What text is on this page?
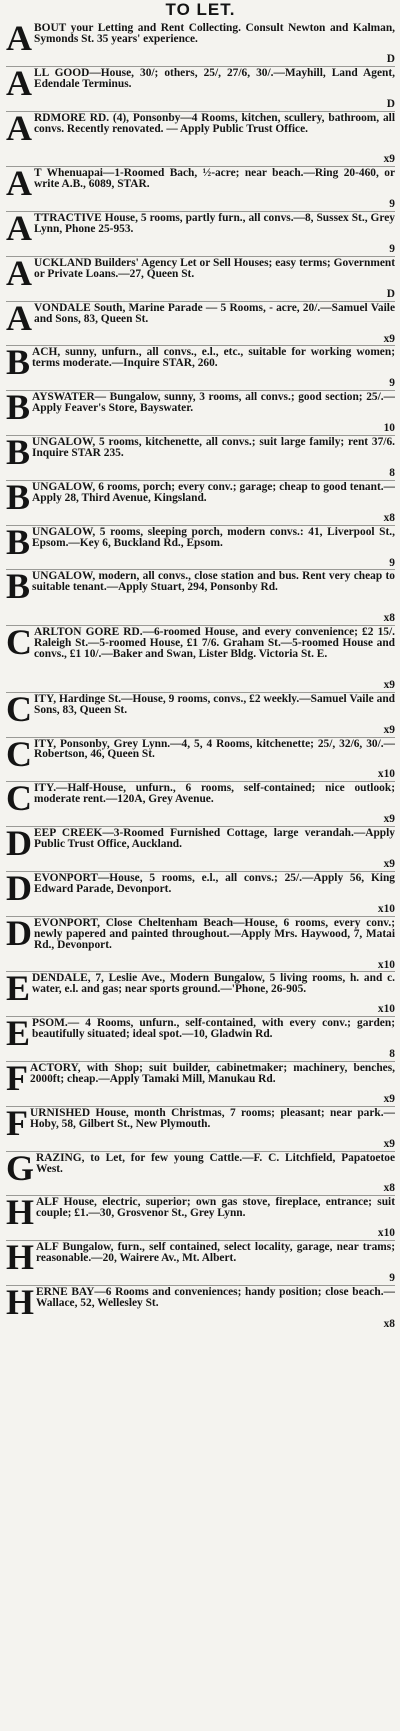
TO LET.
ABOUT your Letting and Rent Collecting. Consult Newton and Kalman, Symonds St. 35 years' experience.
D
ALL GOOD—House, 30/; others, 25/, 27/6, 30/.—Mayhill, Land Agent, Edendale Terminus.
D
ARDMORE RD. (4), Ponsonby—4 Rooms, kitchen, scullery, bathroom, all convs. Recently renovated. — Apply Public Trust Office.
x9
A T Whenuapai—1-Roomed Bach, ½-acre; near beach.—Ring 20-460, or write A.B., 6089, STAR.
9
ATTRACTIVE House, 5 rooms, partly furn., all convs.—8, Sussex St., Grey Lynn, Phone 25-953.
9
AUCKLAND Builders' Agency Let or Sell Houses; easy terms; Government or Private Loans.—27, Queen St.
D
AVONDALE South, Marine Parade — 5 Rooms, - acre, 20/.—Samuel Vaile and Sons, 83, Queen St.
x9
BACH, sunny, unfurn., all convs., e.l., etc., suitable for working women; terms moderate.—Inquire STAR, 260.
9
BAYSWATER— Bungalow, sunny, 3 rooms, all convs.; good section; 25/.—Apply Feaver's Store, Bayswater.
10
BUNGALOW, 5 rooms, kitchenette, all convs.; suit large family; rent 37/6. Inquire STAR 235.
8
BUNGALOW, 6 rooms, porch; every conv.; garage; cheap to good tenant.—Apply 28, Third Avenue, Kingsland.
x8
BUNGALOW, 5 rooms, sleeping porch, modern convs.: 41, Liverpool St., Epsom.—Key 6, Buckland Rd., Epsom.
9
BUNGALOW, modern, all convs., close station and bus. Rent very cheap to suitable tenant.—Apply Stuart, 294, Ponsonby Rd.
x8
CARLTON GORE RD.—6-roomed House, and every convenience; £2 15/. Raleigh St.—5-roomed House, £1 7/6. Graham St.—5-roomed House and convs., £1 10/.—Baker and Swan, Lister Bldg. Victoria St. E.
x9
CITY, Hardinge St.—House, 9 rooms, convs., £2 weekly.—Samuel Vaile and Sons, 83, Queen St.
x9
CITY, Ponsonby, Grey Lynn.—4, 5, 4 Rooms, kitchenette; 25/, 32/6, 30/.—Robertson, 46, Queen St.
x10
CITY.—Half-House, unfurn., 6 rooms, self-contained; nice outlook; moderate rent.—120A, Grey Avenue.
x9
DEEP CREEK—3-Roomed Furnished Cottage, large verandah.—Apply Public Trust Office, Auckland.
x9
DEVONPORT—House, 5 rooms, e.l., all convs.; 25/.—Apply 56, King Edward Parade, Devonport.
x10
DEVONPORT, Close Cheltenham Beach—House, 6 rooms, every conv.; newly papered and painted throughout.—Apply Mrs. Haywood, 7, Matai Rd., Devonport.
x10
EDENDALE, 7, Leslie Ave., Modern Bungalow, 5 living rooms, h. and c. water, e.l. and gas; near sports ground.—'Phone, 26-905.
x10
EPSOM.— 4 Rooms, unfurn., self-contained, with every conv.; garden; beautifully situated; ideal spot.—10, Gladwin Rd.
8
FACTORY, with Shop; suit builder, cabinetmaker; machinery, benches, 2000ft; cheap.—Apply Tamaki Mill, Manukau Rd.
x9
FURNISHED House, month Christmas, 7 rooms; pleasant; near park.—Hoby, 58, Gilbert St., New Plymouth.
x9
GRAZING, to Let, for few young Cattle.—F. C. Litchfield, Papatoetoe West.
x8
HALF House, electric, superior; own gas stove, fireplace, entrance; suit couple; £1.—30, Grosvenor St., Grey Lynn.
x10
HALF Bungalow, furn., self contained, select locality, garage, near trams; reasonable.—20, Wairere Av., Mt. Albert.
9
HERNE BAY—6 Rooms and conveniences; handy position; close beach.—Wallace, 52, Wellesley St.
x8
